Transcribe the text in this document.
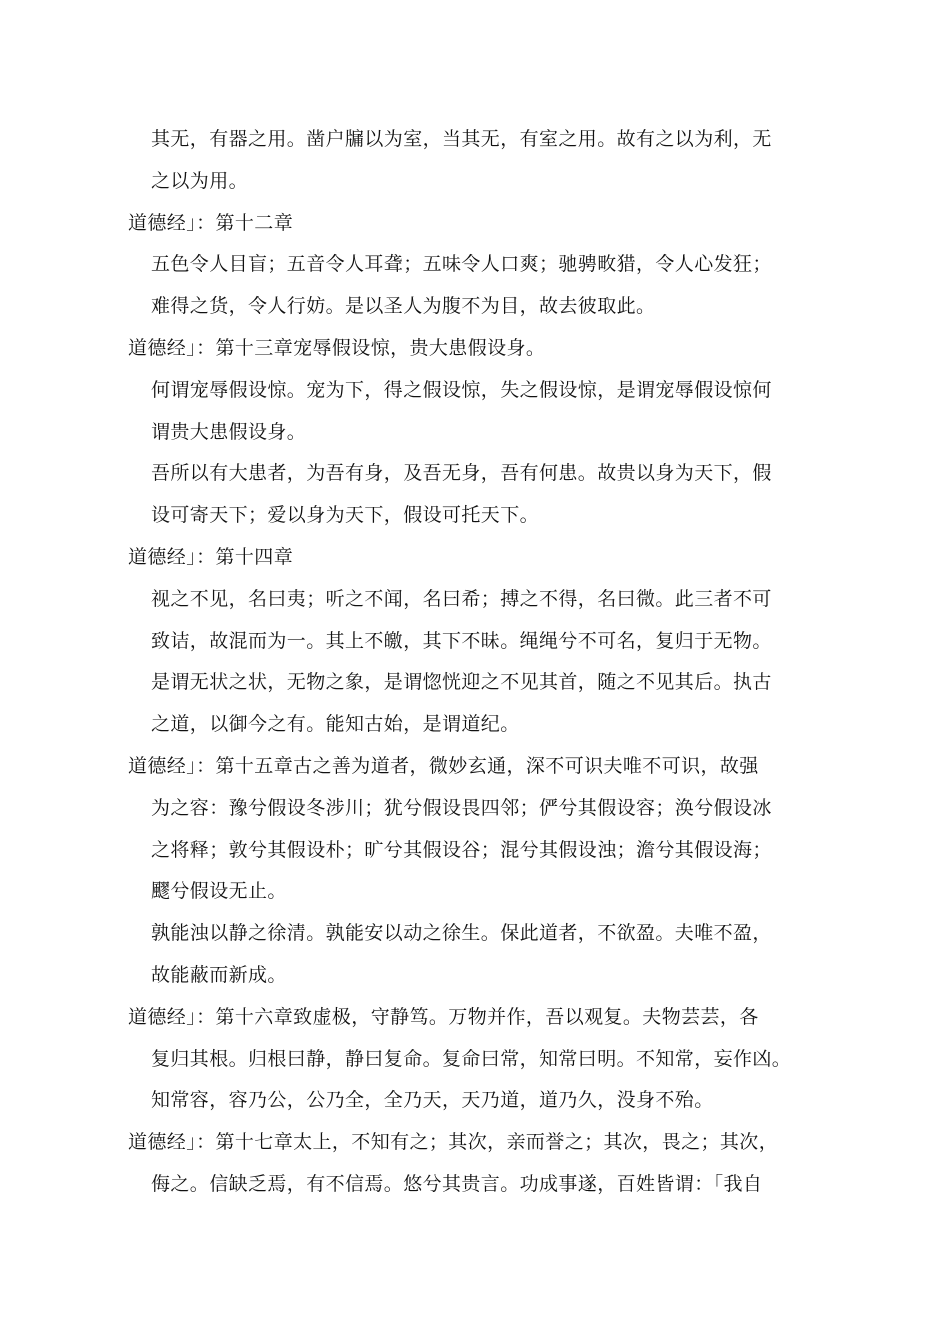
其无，有器之用。凿户牖以为室，当其无，有室之用。故有之以为利，无
之以为用。
道德经」：第十二章
五色令人目盲；五音令人耳聋；五味令人口爽；驰骋畋猎，令人心发狂；
难得之货，令人行妨。是以圣人为腹不为目，故去彼取此。
道德经」：第十三章宠辱假设惊，贵大患假设身。
何谓宠辱假设惊。宠为下，得之假设惊，失之假设惊，是谓宠辱假设惊何
谓贵大患假设身。
吾所以有大患者，为吾有身，及吾无身，吾有何患。故贵以身为天下，假
设可寄天下；爱以身为天下，假设可托天下。
道德经」：第十四章
视之不见，名曰夷；听之不闻，名曰希；搏之不得，名曰微。此三者不可
致诘，故混而为一。其上不皦，其下不昧。绳绳兮不可名，复归于无物。
是谓无状之状，无物之象，是谓惚恍迎之不见其首，随之不见其后。执古
之道，以御今之有。能知古始，是谓道纪。
道德经」：第十五章古之善为道者，微妙玄通，深不可识夫唯不可识，故强
为之容：豫兮假设冬涉川；犹兮假设畏四邻；俨兮其假设容；涣兮假设冰
之将释；敦兮其假设朴；旷兮其假设谷；混兮其假设浊；澹兮其假设海；
飂兮假设无止。
孰能浊以静之徐清。孰能安以动之徐生。保此道者，不欲盈。夫唯不盈，
故能蔽而新成。
道德经」：第十六章致虚极，守静笃。万物并作，吾以观复。夫物芸芸，各
复归其根。归根曰静，静曰复命。复命曰常，知常曰明。不知常，妄作凶。
知常容，容乃公，公乃全，全乃天，天乃道，道乃久，没身不殆。
道德经」：第十七章太上，不知有之；其次，亲而誉之；其次，畏之；其次，
侮之。信缺乏焉，有不信焉。悠兮其贵言。功成事遂，百姓皆谓：「我自
